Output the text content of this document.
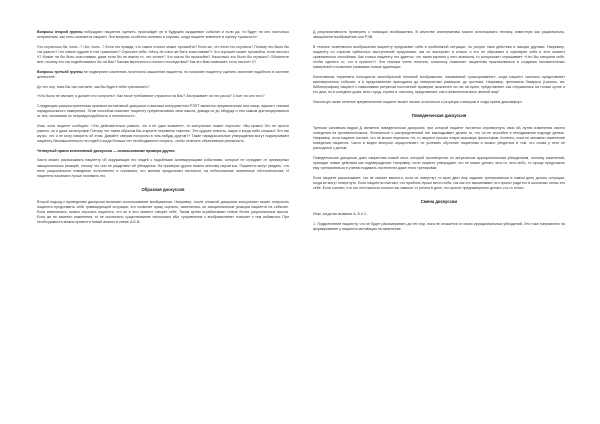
Вопросы второй группы побуждают пациента оценить, произойдет ли в будущем ожидаемое событие и если да, то будет ли оно настолько неприятным, как этого опасается пациент. Эти вопросы особенно полезны в случаях, когда пациент вовлечен в оценку «ужасного»:

Что случилось бы, если...? Что, если...? Если это правда, что самое плохое может произойти? Если же, что если это случится? Почему это было бы так ужасно? Что самое худшее в том «ужасном»? Спросите себя: «Могу ли я все же быть счастливым?» Что хорошее может произойти, если настоит X? Может ли бы быть счастливым, даже если бы не имели то, что хотите? Что могло бы произойти? Насколько это было бы страшно? Объясните мне, почему это так подействовало бы на Вас? Какова вероятность плохого последствия? Как это Вам помешает, если настоит X?

Вопросы третьей группы не подвергают сомнению логичность мышления пациента, но помогают пациенту оценить значение подобного в системе ценностей:

До тех пор, пока Вы так считаете, как Вы будете себя чувствовать?

«Что было не хватает, я должен это получить»: Как такое требование отразится на Вас? Заслуживает ли это риска? Стоит ли оно того?

Следующим распространенным приемом когнитивной дискуссии и важным инструментом РЭПТ является преувеличение или юмор, вариант техники парадоксального намерения. Этим способом помогает пациенту преувеличивать свои мысли, доводя их до абсурда и тем самым дистанцироваться от них, показывая их неправдоподобность и нелогичность.

Итак, если пациент сообщает: «Это действительно ужасно, что я не сдал экзамен!», то консультант может спросить: «Вы правы! Это не просто ужасно, но и даже катастрофа! Потому что таким образом Вы откроете перемены тяжелее. Это худшее новость, какую я когда-либо слышал! Это так жутко, что я не могу говорить об этом. Давайте сверим похороны в чем-нибудь другом?» Такие парадоксальные утверждения могут подчеркивают пациенту бессмысленность его идей и когда больше нет необходимости спорить, чтобы отличать объективную реальность.

Четвертый прием когнитивной дискуссии — использование примера другие.

Часто можно рассказывать пациенту об окружающих его людей с подобными Активирующими событиями, которые не страдают от чрезмерных эмоциональных реакций, потому что они не разделяют её убеждения. На примерах других можно многому научиться. Пациенты могут увидеть, что иное рациональное поведение естественно и понимают, что мнения продолжают меняться, на небезопасные жизненные обстоятельства. И пациенты начинают лучше понимать это.

Образная дискуссия

Второй подход к проведению дискуссии включает использование воображения. Например, после сложной дискуссии консультант может попросить пациента представить себя травмирующей ситуации, это позволит сразу оценить, изменились ли эмоциональные реакции пациента на событие. Если изменились, можно спросить пациента, что он в этот момент говорит себе. Таким путем отрабатывают новые более рациональные мысли. Если же не заметил изменения, то не исключено существование нескольких иБи «управление с воображением» поможет к тем избавится. При необходимости можно провести новый анализ в схеме А-Б-В.

Д результативность проверить с помощью воображения. В качестве альтернативы можно использовать технику, известную как рационально-эмоционное воображение или РЭВ.

В технике позитивного воображения пациенту предлагают себя в проблемной ситуации, но рисуют свои действия и эмоции другими. Например, пациенту со страхом публичных выступлений предлагают, как он выступает в классе и его не обрывают и чувствуют себя в этот момент сравнительно спокойным. Как только пациенту это удается, что такая картина у него возникла, то консультант спрашивает: «Что Вы говорили себе, чтобы сделать то, что в проекте?» Эта техника очень полезна, поскольку позволяет пациентам практиковаться в создании положительных намерений и позволяет развивать новые адаптации.

Когнитивные терапевты пользуются своеобразной техникой воображения, называемой «разыгрывание», когда пациент частично представляет маловероятное событие, и в представлении приходится до невероятных размеров, до гротеска. Например, феномена Лазаруса (Lazarus, см. библиографию) пациент с навязчивым ритуалом постоянной проверки, выключен ли газ на кухне, представляет, как отправилась на только кухне и его дом, но и соседние дома, весь город, страна и, наконец, представляет, как стремленным весь земной шар!

Используя такие нелепое преувеличение пациент может начать относиться к ситуации с юмором и тогда прием дискомфорт.

Поведенческая дискуссия

Третьим основным видом Д является поведенческая дискуссия, при которой пациент пытается опровергнуть свои иБ путем изменения своего поведения на противоположное. Фоническое и распределенный тип выкладывает делать то, что он не способен в неподвижном подходе делать. Например, если пациент считает, что не может пережить тот, то пациент просил новую знакомую философию. Конечно, пока не запомнит изменение поведения пациента. Часто в видео вечером осуществляет, не успевать обучение пациентам и можно убедиться в том, что слова у него не расходятся с делом.

Поведенческие дискуссии дают пациентам новый опыт, который противоречит их актуальным иррациональным убеждениям, поэтому изменений, приводят новые действия как подтверждения. Например, если пациент утверждает, что не может делать чего-то, чего-либо, то проще предложить ему тренироваться в учении подавать постепенно даже этого тренировки.

Если пациент рассказывает, что не сможет вынести, если их отвергнут, то врач дает ему задание тренироваться в самом деле делать ситуации, когда их могут отвергнуть. Если пациенты считают, что проблем лучше вести себя, так как его высмеивают, его просят ради его в школьных полах его себе. Если считает, что это ничтожность полностью зависит от успеха в деле, его просят преднамеренно делать что-то плохо.

Смена дискуссии

Итак, когда вы вызвали А, Б и С.

1. Подкрепление пациенту, что он будет рассматривать до тех пор, пока не откажется от своих иррациональных убеждений. Это тоже направлено на формирование у пациента мотивации на изменение.
